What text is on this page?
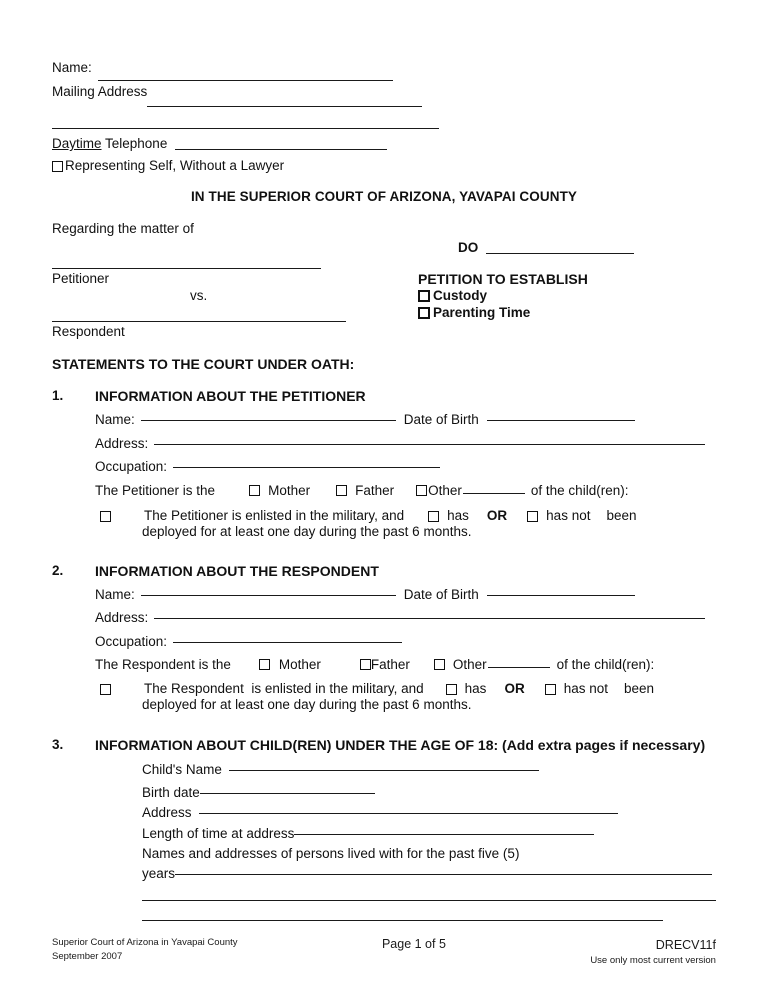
Name:
Mailing Address
Daytime Telephone
Representing Self, Without a Lawyer
IN THE SUPERIOR COURT OF ARIZONA, YAVAPAI COUNTY
Regarding the matter of
Petitioner
vs.
Respondent
DO
PETITION TO ESTABLISH
Custody
Parenting Time
STATEMENTS TO THE COURT UNDER OATH:
1. INFORMATION ABOUT THE PETITIONER
Name:	Date of Birth
Address:
Occupation:
The Petitioner is the	Mother	Father	Other	of the child(ren):
The Petitioner is enlisted in the military, and	has OR	has not been
deployed for at least one day during the past 6 months.
2. INFORMATION ABOUT THE RESPONDENT
Name:	Date of Birth
Address:
Occupation:
The Respondent is the	Mother	Father	Other	of the child(ren):
The Respondent  is enlisted in the military, and	has OR	has not been
deployed for at least one day during the past 6 months.
3. INFORMATION ABOUT CHILD(REN) UNDER THE AGE OF 18: (Add extra pages if necessary)
Child's Name
Birth date
Address
Length of time at address
Names and addresses of persons lived with for the past five (5)
years
Superior Court of Arizona in Yavapai County
September 2007
Page 1 of 5	DRECV11f
Use only most current version
